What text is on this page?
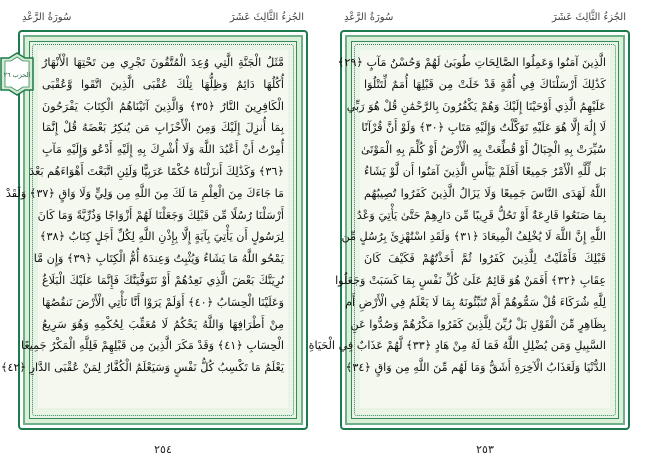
الجُزءُ الثَّالِثَ عَشَرَ
سُورَةُ الرَّعْدِ
مَّثَلُ الْجَنَّةِ الَّتِي وُعِدَ الْمُتَّقُونَ تَجْرِي مِن تَحْتِهَا الْأَنْهَارُ
أُكُلُهَا دَائِمٌ وَظِلُّهَا تِلْكَ عُقْبَى الَّذِينَ اتَّقَوا وَّعُقْبَى
الْكَافِرِينَ النَّارُ ﴿٣٥﴾ وَالَّذِينَ آتَيْنَاهُمُ الْكِتَابَ يَفْرَحُونَ
بِمَا أُنزِلَ إِلَيْكَ وَمِنَ الْأَحْزَابِ مَن يُنكِرُ بَعْضَهُ قُلْ إِنَّمَا
أُمِرْتُ أَنْ أَعْبُدَ اللَّهَ وَلَا أُشْرِكَ بِهِ إِلَيْهِ أَدْعُو وَإِلَيْهِ مَآبِ
﴿٣٦﴾ وَكَذَٰلِكَ أَنزَلْنَاهُ حُكْمًا عَرَبِيًّا وَلَئِنِ اتَّبَعْتَ أَهْوَاءَهُم بَعْدَ
مَا جَاءَكَ مِنَ الْعِلْمِ مَا لَكَ مِنَ اللَّهِ مِن وَلِيٍّ وَلَا وَاقٍ ﴿٣٧﴾ وَلَقَدْ
أَرْسَلْنَا رُسُلًا مِّن قَبْلِكَ وَجَعَلْنَا لَهُمْ أَزْوَاجًا وَذُرِّيَّةً وَمَا كَانَ
لِرَسُولٍ أَن يَأْتِيَ بِآيَةٍ إِلَّا بِإِذْنِ اللَّهِ لِكُلِّ أَجَلٍ كِتَابٌ ﴿٣٨﴾
يَمْحُو اللَّهُ مَا يَشَاءُ وَيُثْبِتُ وَعِندَهُ أُمُّ الْكِتَابِ ﴿٣٩﴾ وَإِن مَّا
نُرِيَنَّكَ بَعْضَ الَّذِي نَعِدُهُمْ أَوْ نَتَوَفَّيَنَّكَ فَإِنَّمَا عَلَيْكَ الْبَلَاغُ
وَعَلَيْنَا الْحِسَابُ ﴿٤٠﴾ أَوَلَمْ يَرَوْا أَنَّا نَأْتِي الْأَرْضَ نَنقُصُهَا
مِنْ أَطْرَافِهَا وَاللَّهُ يَحْكُمُ لَا مُعَقِّبَ لِحُكْمِهِ وَهُوَ سَرِيعُ
الْحِسَابِ ﴿٤١﴾ وَقَدْ مَكَرَ الَّذِينَ مِن قَبْلِهِمْ فَلِلَّهِ الْمَكْرُ جَمِيعًا
يَعْلَمُ مَا تَكْسِبُ كُلُّ نَفْسٍ وَسَيَعْلَمُ الْكُفَّارُ لِمَنْ عُقْبَى الدَّارِ ﴿٤٢﴾
٢٥٤
الحزب ٢٦
الجُزءُ الثَّالِثَ عَشَرَ
سُورَةُ الرَّعْدِ
الَّذِينَ آمَنُوا وَعَمِلُوا الصَّالِحَاتِ طُوبَىٰ لَهُمْ وَحُسْنُ مَآبٍ ﴿٢٩﴾
كَذَٰلِكَ أَرْسَلْنَاكَ فِي أُمَّةٍ قَدْ خَلَتْ مِن قَبْلِهَا أُمَمٌ لِّتَتْلُوَا
عَلَيْهِمُ الَّذِي أَوْحَيْنَا إِلَيْكَ وَهُمْ يَكْفُرُونَ بِالرَّحْمَٰنِ قُلْ هُوَ رَبِّي
لَا إِلَٰهَ إِلَّا هُوَ عَلَيْهِ تَوَكَّلْتُ وَإِلَيْهِ مَتَابِ ﴿٣٠﴾ وَلَوْ أَنَّ قُرْآنًا
سُيِّرَتْ بِهِ الْجِبَالُ أَوْ قُطِّعَتْ بِهِ الْأَرْضُ أَوْ كُلِّمَ بِهِ الْمَوْتَىٰ
بَل لِّلَّهِ الْأَمْرُ جَمِيعًا أَفَلَمْ يَيْأَسِ الَّذِينَ آمَنُوا أَن لَّوْ يَشَاءُ
اللَّهُ لَهَدَى النَّاسَ جَمِيعًا وَلَا يَزَالُ الَّذِينَ كَفَرُوا تُصِيبُهُم
بِمَا صَنَعُوا قَارِعَةٌ أَوْ تَحُلُّ قَرِيبًا مِّن دَارِهِمْ حَتَّىٰ يَأْتِيَ وَعْدُ
اللَّهِ إِنَّ اللَّهَ لَا يُخْلِفُ الْمِيعَادَ ﴿٣١﴾ وَلَقَدِ اسْتُهْزِئَ بِرُسُلٍ مِّن
قَبْلِكَ فَأَمْلَيْتُ لِلَّذِينَ كَفَرُوا ثُمَّ أَخَذْتُهُمْ فَكَيْفَ كَانَ
عِقَابِ ﴿٣٢﴾ أَفَمَنْ هُوَ قَائِمٌ عَلَىٰ كُلِّ نَفْسٍ بِمَا كَسَبَتْ وَجَعَلُوا
لِلَّهِ شُرَكَاءَ قُلْ سَمُّوهُمْ أَمْ تُنَبِّئُونَهُ بِمَا لَا يَعْلَمُ فِي الْأَرْضِ أَم
بِظَاهِرٍ مِّنَ الْقَوْلِ بَلْ زُيِّنَ لِلَّذِينَ كَفَرُوا مَكْرُهُمْ وَصُدُّوا عَنِ
السَّبِيلِ وَمَن يُضْلِلِ اللَّهُ فَمَا لَهُ مِنْ هَادٍ ﴿٣٣﴾ لَّهُمْ عَذَابٌ فِي الْحَيَاةِ
الدُّنْيَا وَلَعَذَابُ الْآخِرَةِ أَشَقُّ وَمَا لَهُم مِّنَ اللَّهِ مِن وَاقٍ ﴿٣٤﴾
٢٥٣
